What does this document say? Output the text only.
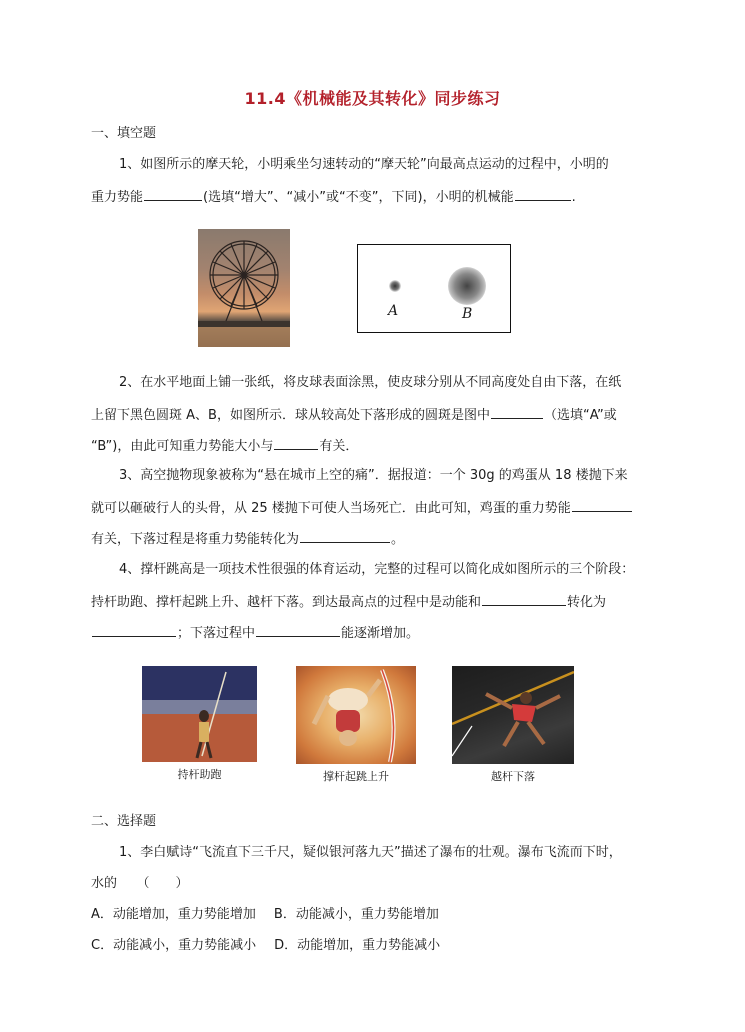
11.4《机械能及其转化》同步练习
一、填空题
1、如图所示的摩天轮，小明乘坐匀速转动的“摩天轮”向最高点运动的过程中，小明的
重力势能	(选填“增大”、“减小”或“不变”，下同)，小明的机械能	.
A	B
2、在水平地面上铺一张纸，将皮球表面涂黑，使皮球分别从不同高度处自由下落，在纸
上留下黑色圆斑 A、B，如图所示．球从较高处下落形成的圆斑是图中	（选填“A”或
“B”)，由此可知重力势能大小与	有关．
3、高空抛物现象被称为“悬在城市上空的痛”．据报道：一个 30g 的鸡蛋从 18 楼抛下来
就可以砸破行人的头骨，从 25 楼抛下可使人当场死亡．由此可知，鸡蛋的重力势能
有关，下落过程是将重力势能转化为	。
4、撑杆跳高是一项技术性很强的体育运动，完整的过程可以简化成如图所示的三个阶段：
持杆助跑、撑杆起跳上升、越杆下落。到达最高点的过程中是动能和	转化为
；下落过程中	能逐渐增加。
持杆助跑	撑杆起跳上升	越杆下落
二、选择题
1、李白赋诗“飞流直下三千尺，疑似银河落九天”描述了瀑布的壮观。瀑布飞流而下时，
水的　　（　　）
A．动能增加，重力势能增加 B．动能减小，重力势能增加
C．动能减小，重力势能减小 D．动能增加，重力势能减小
